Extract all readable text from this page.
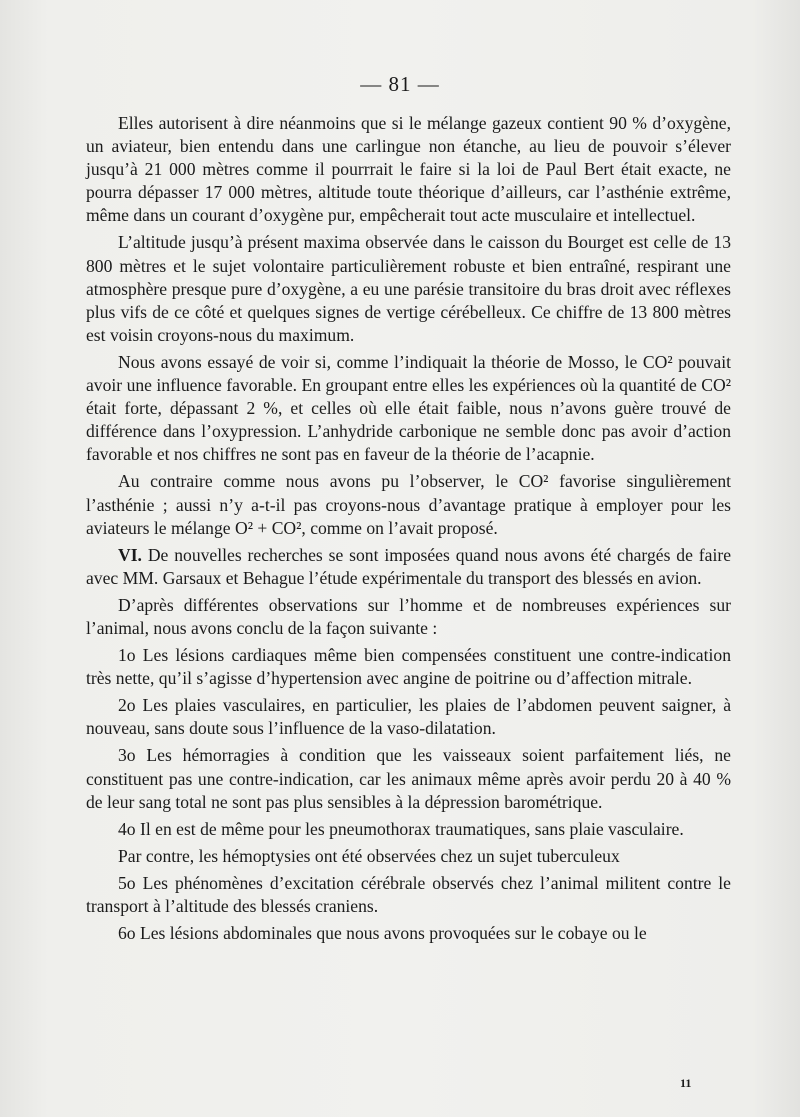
— 81 —

Elles autorisent à dire néanmoins que si le mélange gazeux contient 90 % d’oxygène, un aviateur, bien entendu dans une carlingue non étanche, au lieu de pouvoir s’élever jusqu’à 21 000 mètres comme il pourrrait le faire si la loi de Paul Bert était exacte, ne pourra dépasser 17 000 mètres, altitude toute théorique d’ailleurs, car l’asthénie extrême, même dans un courant d’oxygène pur, empêcherait tout acte musculaire et intellectuel.

L’altitude jusqu’à présent maxima observée dans le caisson du Bourget est celle de 13 800 mètres et le sujet volontaire particulièrement robuste et bien entraîné, respirant une atmosphère presque pure d’oxygène, a eu une parésie transitoire du bras droit avec réflexes plus vifs de ce côté et quelques signes de vertige cérébelleux. Ce chiffre de 13 800 mètres est voisin croyons-nous du maximum.

Nous avons essayé de voir si, comme l’indiquait la théorie de Mosso, le CO² pouvait avoir une influence favorable. En groupant entre elles les expériences où la quantité de CO² était forte, dépassant 2 %, et celles où elle était faible, nous n’avons guère trouvé de différence dans l’oxypression. L’anhydride carbonique ne semble donc pas avoir d’action favorable et nos chiffres ne sont pas en faveur de la théorie de l’acapnie.

Au contraire comme nous avons pu l’observer, le CO² favorise singulièrement l’asthénie ; aussi n’y a-t-il pas croyons-nous d’avantage pratique à employer pour les aviateurs le mélange O² + CO², comme on l’avait proposé.

VI. De nouvelles recherches se sont imposées quand nous avons été chargés de faire avec MM. Garsaux et Behague l’étude expérimentale du transport des blessés en avion.

D’après différentes observations sur l’homme et de nombreuses expériences sur l’animal, nous avons conclu de la façon suivante :

1o Les lésions cardiaques même bien compensées constituent une contre-indication très nette, qu’il s’agisse d’hypertension avec angine de poitrine ou d’affection mitrale.

2o Les plaies vasculaires, en particulier, les plaies de l’abdomen peuvent saigner, à nouveau, sans doute sous l’influence de la vaso-dilatation.

3o Les hémorragies à condition que les vaisseaux soient parfaitement liés, ne constituent pas une contre-indication, car les animaux même après avoir perdu 20 à 40 % de leur sang total ne sont pas plus sensibles à la dépression barométrique.

4o Il en est de même pour les pneumothorax traumatiques, sans plaie vasculaire.

Par contre, les hémoptysies ont été observées chez un sujet tuberculeux

5o Les phénomènes d’excitation cérébrale observés chez l’animal militent contre le transport à l’altitude des blessés craniens.

6o Les lésions abdominales que nous avons provoquées sur le cobaye ou le

11
